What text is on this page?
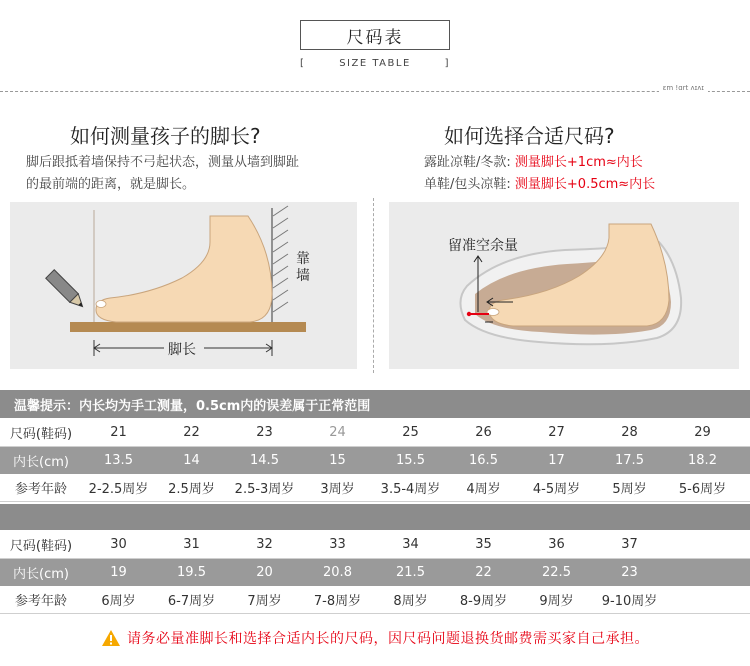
尺码表
[	SIZE TABLE	]
ɛm !ɑrt ʌɪʌɪ
如何测量孩子的脚长?
脚后跟抵着墙保持不弓起状态，测量从墙到脚趾
的最前端的距离，就是脚长。
靠
墙
脚长
如何选择合适尺码?
露趾凉鞋/冬款: 测量脚长+1cm≈内长
单鞋/包头凉鞋: 测量脚长+0.5cm≈内长
留准空余量
温馨提示：内长均为手工测量，0.5cm内的误差属于正常范围
尺码(鞋码)	21	22	23	24	25	26	27	28	29
内长(cm)	13.5	14	14.5	15	15.5	16.5	17	17.5	18.2
参考年龄	2-2.5周岁	2.5周岁	2.5-3周岁	3周岁	3.5-4周岁	4周岁	4-5周岁	5周岁	5-6周岁
尺码(鞋码)	30	31	32	33	34	35	36	37
内长(cm)	19	19.5	20	20.8	21.5	22	22.5	23
参考年龄	6周岁	6-7周岁	7周岁	7-8周岁	8周岁	8-9周岁	9周岁	9-10周岁
请务必量准脚长和选择合适内长的尺码，因尺码问题退换货邮费需买家自己承担。
